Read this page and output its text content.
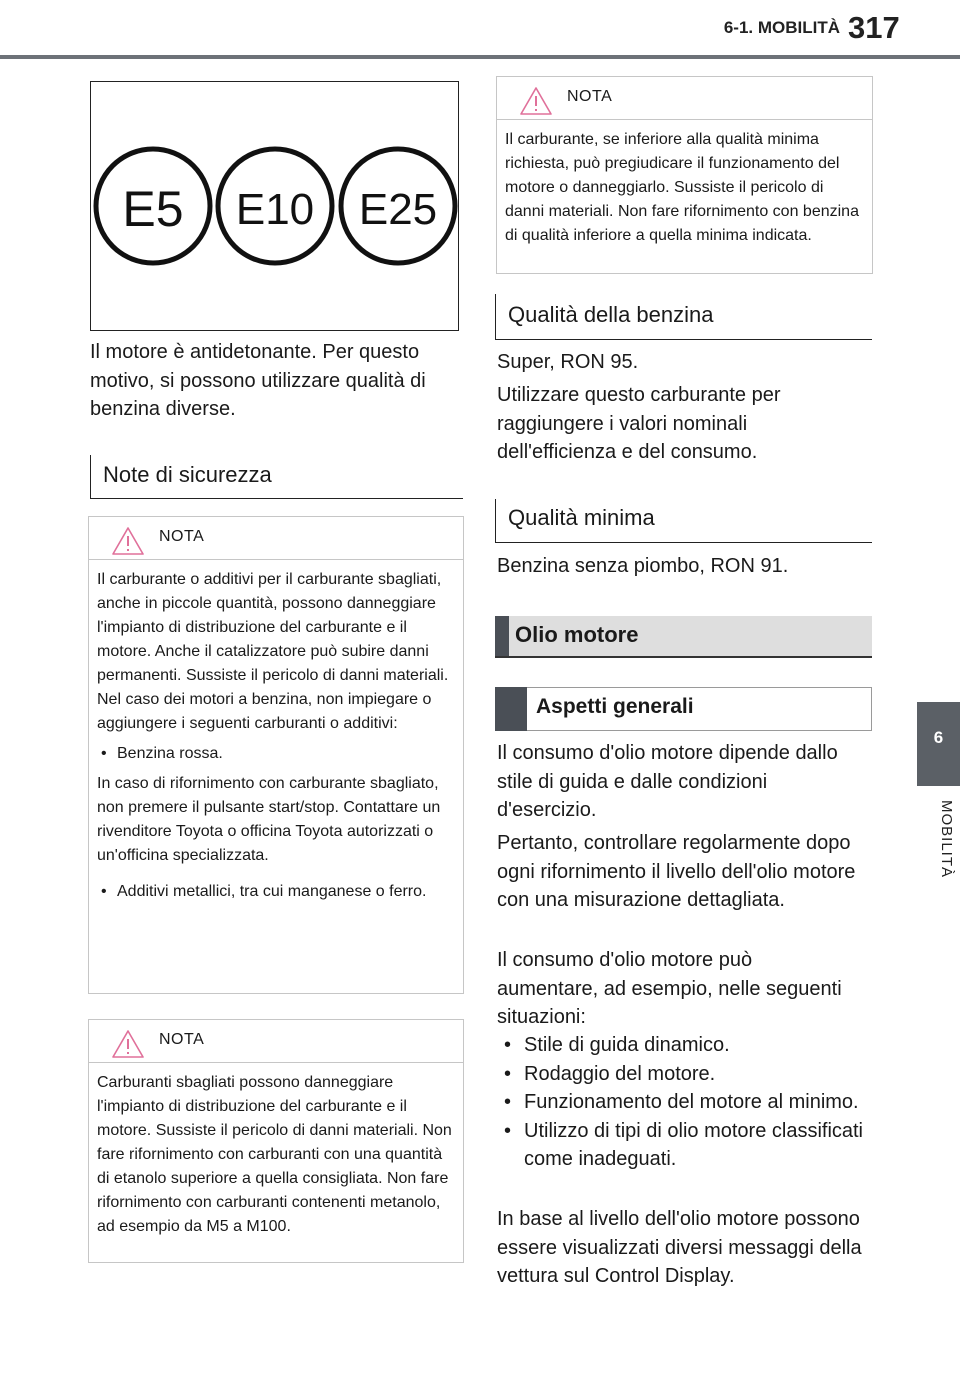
6-1. MOBILITÀ 317
6
MOBILITÀ
E5 E10 E25

Il motore è antidetonante. Per questo motivo, si possono utilizzare qualità di benzina diverse.

Note di sicurezza
NOTA

Il carburante o additivi per il carburante sbagliati, anche in piccole quantità, possono danneggiare l'impianto di distribuzione del carburante e il motore. Anche il catalizzatore può subire danni permanenti. Sussiste il pericolo di danni materiali. Nel caso dei motori a benzina, non impiegare o aggiungere i seguenti carburanti o additivi:

• Benzina rossa.

In caso di rifornimento con carburante sbagliato, non premere il pulsante start/stop. Contattare un rivenditore Toyota o officina Toyota autorizzati o un'officina specializzata.

• Additivi metallici, tra cui manganese o ferro.

NOTA

Carburanti sbagliati possono danneggiare l'impianto di distribuzione del carburante e il motore. Sussiste il pericolo di danni materiali. Non fare rifornimento con carburanti con una quantità di etanolo superiore a quella consigliata. Non fare rifornimento con carburanti contenenti metanolo, ad esempio da M5 a M100.

NOTA

Il carburante, se inferiore alla qualità minima richiesta, può pregiudicare il funzionamento del motore o danneggiarlo. Sussiste il pericolo di danni materiali. Non fare rifornimento con benzina di qualità inferiore a quella minima indicata.

Qualità della benzina

Super, RON 95.

Utilizzare questo carburante per raggiungere i valori nominali dell'efficienza e del consumo.

Qualità minima

Benzina senza piombo, RON 91.

Olio motore
Aspetti generali

Il consumo d'olio motore dipende dallo stile di guida e dalle condizioni d'esercizio.

Pertanto, controllare regolarmente dopo ogni rifornimento il livello dell'olio motore con una misurazione dettagliata.

Il consumo d'olio motore può aumentare, ad esempio, nelle seguenti situazioni:

• Stile di guida dinamico.
• Rodaggio del motore.
• Funzionamento del motore al minimo.
• Utilizzo di tipi di olio motore classificati come inadeguati.

In base al livello dell'olio motore possono essere visualizzati diversi messaggi della vettura sul Control Display.
